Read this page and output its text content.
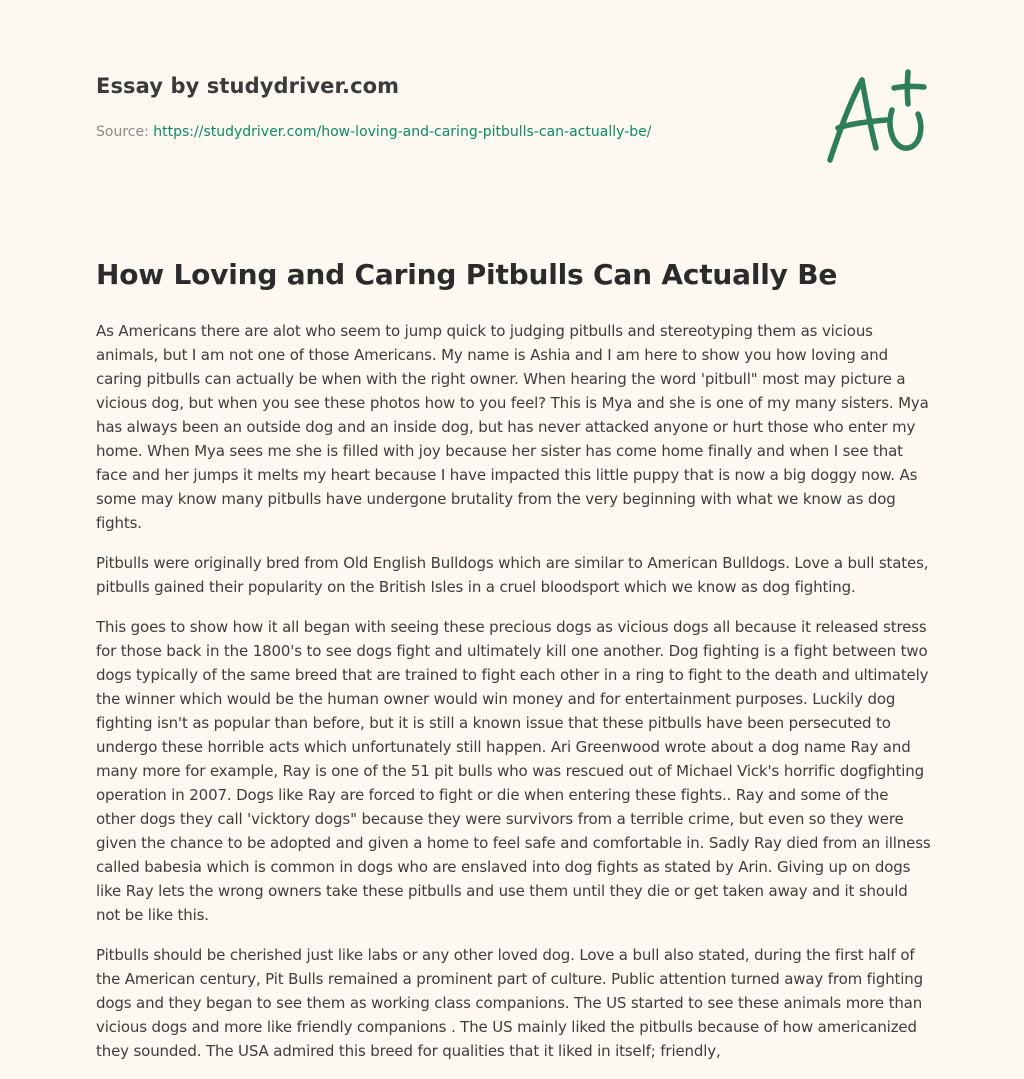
Essay by studydriver.com
Source: https://studydriver.com/how-loving-and-caring-pitbulls-can-actually-be/
How Loving and Caring Pitbulls Can Actually Be

As Americans there are alot who seem to jump quick to judging pitbulls and stereotyping them as vicious animals, but I am not one of those Americans. My name is Ashia and I am here to show you how loving and caring pitbulls can actually be when with the right owner. When hearing the word 'pitbull" most may picture a vicious dog, but when you see these photos how to you feel? This is Mya and she is one of my many sisters. Mya has always been an outside dog and an inside dog, but has never attacked anyone or hurt those who enter my home. When Mya sees me she is filled with joy because her sister has come home finally and when I see that face and her jumps it melts my heart because I have impacted this little puppy that is now a big doggy now. As some may know many pitbulls have undergone brutality from the very beginning with what we know as dog fights.

Pitbulls were originally bred from Old English Bulldogs which are similar to American Bulldogs. Love a bull states, pitbulls gained their popularity on the British Isles in a cruel bloodsport which we know as dog fighting.

This goes to show how it all began with seeing these precious dogs as vicious dogs all because it released stress for those back in the 1800's to see dogs fight and ultimately kill one another. Dog fighting is a fight between two dogs typically of the same breed that are trained to fight each other in a ring to fight to the death and ultimately the winner which would be the human owner would win money and for entertainment purposes. Luckily dog fighting isn't as popular than before, but it is still a known issue that these pitbulls have been persecuted to undergo these horrible acts which unfortunately still happen. Ari Greenwood wrote about a dog name Ray and many more for example, Ray is one of the 51 pit bulls who was rescued out of Michael Vick's horrific dogfighting operation in 2007. Dogs like Ray are forced to fight or die when entering these fights.. Ray and some of the other dogs they call 'vicktory dogs" because they were survivors from a terrible crime, but even so they were given the chance to be adopted and given a home to feel safe and comfortable in. Sadly Ray died from an illness called babesia which is common in dogs who are enslaved into dog fights as stated by Arin. Giving up on dogs like Ray lets the wrong owners take these pitbulls and use them until they die or get taken away and it should not be like this.

Pitbulls should be cherished just like labs or any other loved dog. Love a bull also stated, during the first half of the American century, Pit Bulls remained a prominent part of culture. Public attention turned away from fighting dogs and they began to see them as working class companions. The US started to see these animals more than vicious dogs and more like friendly companions . The US mainly liked the pitbulls because of how americanized they sounded. The USA admired this breed for qualities that it liked in itself; friendly,
